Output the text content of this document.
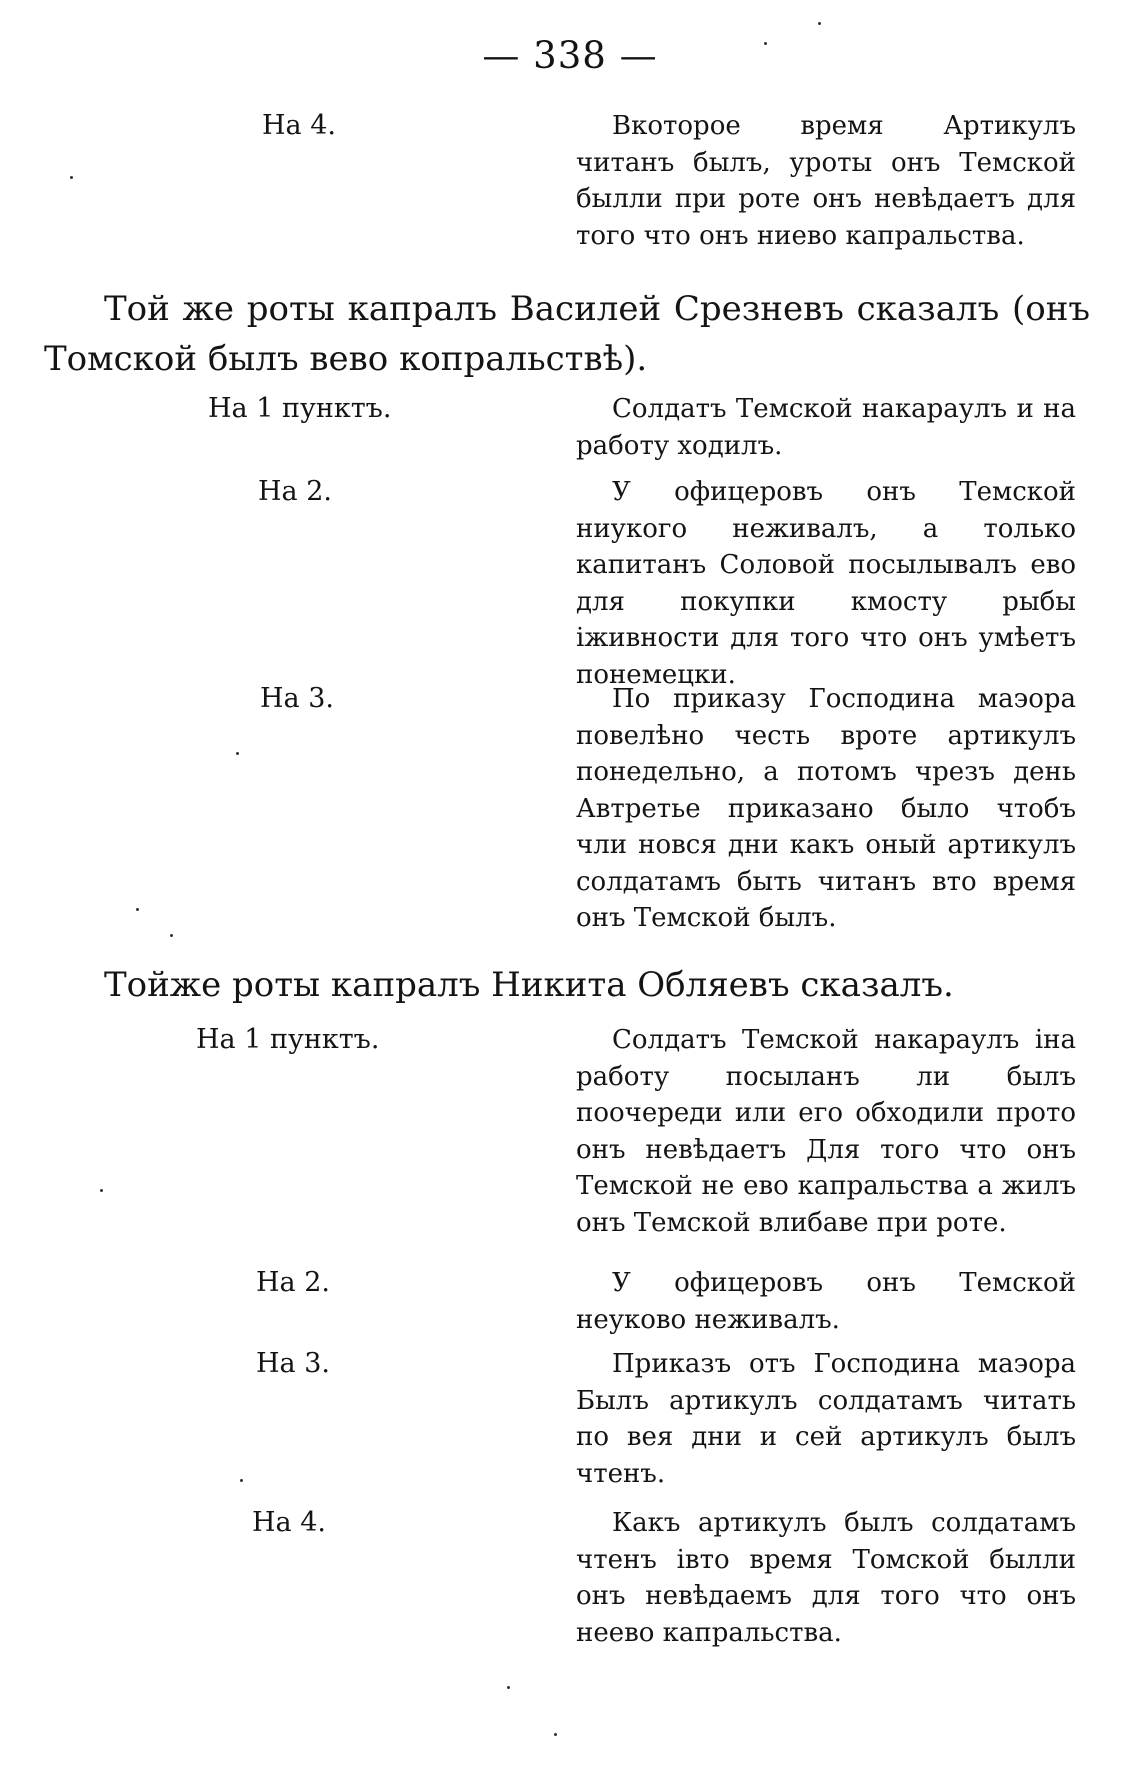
— 338 —
На 4.	Вкоторое время Артикулъ читанъ былъ, уроты онъ Темской былли при роте онъ невѣдаетъ для того что онъ ниево капральства.
Той же роты капралъ Василей Срезневъ сказалъ (онъ Томской былъ вево копральствѣ).
На 1 пунктъ.	Солдатъ Темской накараулъ и на работу ходилъ.
На 2.	У офицеровъ онъ Темской ниукого неживалъ, а только капитанъ Соловой посылывалъ ево для покупки кмосту рыбы іживности для того что онъ умѣетъ понемецки.
На 3.	По приказу Господина маэора повелѣно честь вроте артикулъ понедельно, а потомъ чрезъ день Автретье приказано было чтобъ чли новся дни какъ оный артикулъ солдатамъ быть читанъ вто время онъ Темской былъ.
Тойже роты капралъ Никита Обляевъ сказалъ.
На 1 пунктъ.	Солдатъ Темской накараулъ іна работу посыланъ ли былъ поочереди или его обходили прото онъ невѣдаетъ Для того что онъ Темской не ево капральства а жилъ онъ Темской влибаве при роте.
На 2.	У офицеровъ онъ Темской неуково неживалъ.
На 3.	Приказъ отъ Господина маэора Былъ артикулъ солдатамъ читать по вея дни и сей артикулъ былъ чтенъ.
На 4.	Какъ артикулъ былъ солдатамъ чтенъ івто время Томской былли онъ невѣдаемъ для того что онъ неево капральства.
